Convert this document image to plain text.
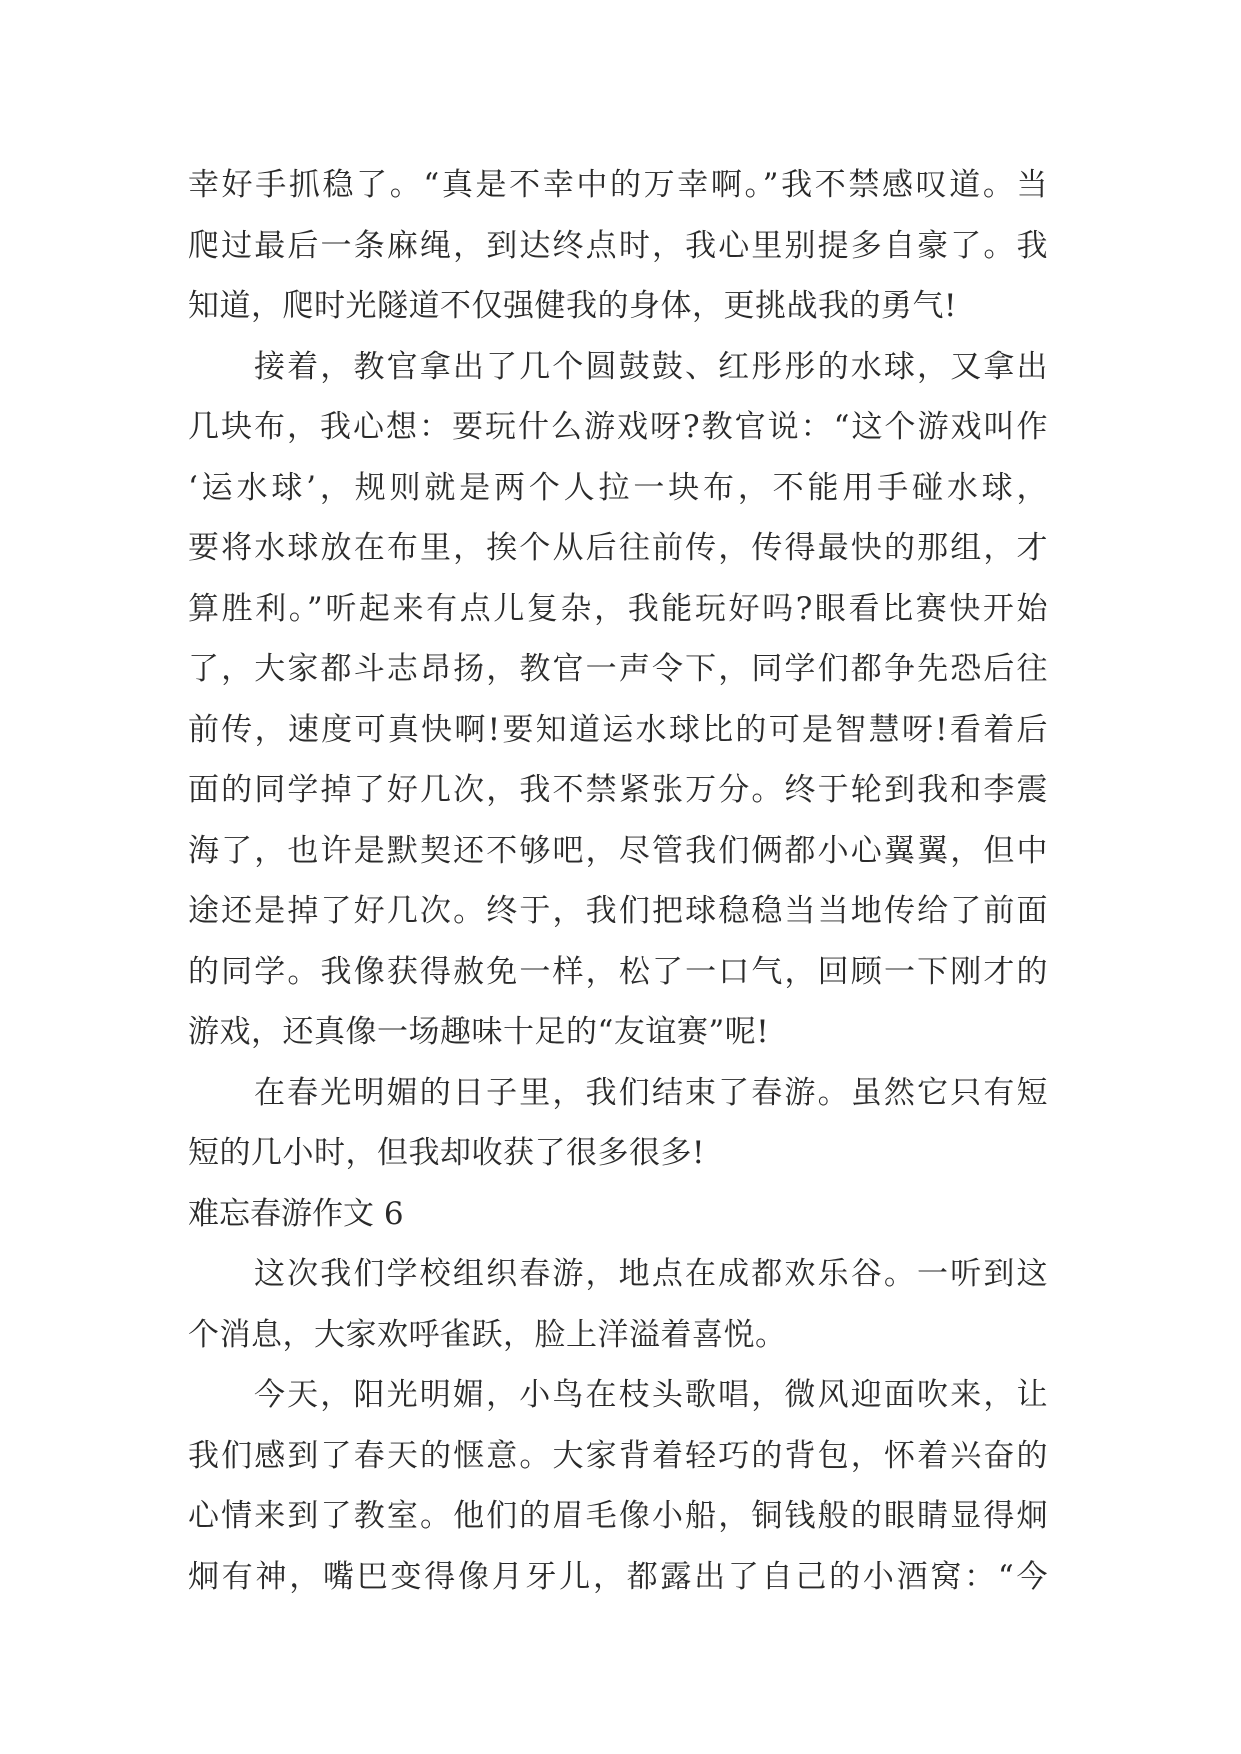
幸好手抓稳了。“真是不幸中的万幸啊。”我不禁感叹道。当
爬过最后一条麻绳，到达终点时，我心里别提多自豪了。我
知道，爬时光隧道不仅强健我的身体，更挑战我的勇气!
接着，教官拿出了几个圆鼓鼓、红彤彤的水球，又拿出
几块布，我心想：要玩什么游戏呀?教官说：“这个游戏叫作
‘运水球’，规则就是两个人拉一块布，不能用手碰水球，
要将水球放在布里，挨个从后往前传，传得最快的那组，才
算胜利。”听起来有点儿复杂，我能玩好吗?眼看比赛快开始
了，大家都斗志昂扬，教官一声令下，同学们都争先恐后往
前传，速度可真快啊!要知道运水球比的可是智慧呀!看着后
面的同学掉了好几次，我不禁紧张万分。终于轮到我和李震
海了，也许是默契还不够吧，尽管我们俩都小心翼翼，但中
途还是掉了好几次。终于，我们把球稳稳当当地传给了前面
的同学。我像获得赦免一样，松了一口气，回顾一下刚才的
游戏，还真像一场趣味十足的“友谊赛”呢!
在春光明媚的日子里，我们结束了春游。虽然它只有短
短的几小时，但我却收获了很多很多!
难忘春游作文 6
这次我们学校组织春游，地点在成都欢乐谷。一听到这
个消息，大家欢呼雀跃，脸上洋溢着喜悦。
今天，阳光明媚，小鸟在枝头歌唱，微风迎面吹来，让
我们感到了春天的惬意。大家背着轻巧的背包，怀着兴奋的
心情来到了教室。他们的眉毛像小船，铜钱般的眼睛显得炯
炯有神，嘴巴变得像月牙儿，都露出了自己的小酒窝：“今
